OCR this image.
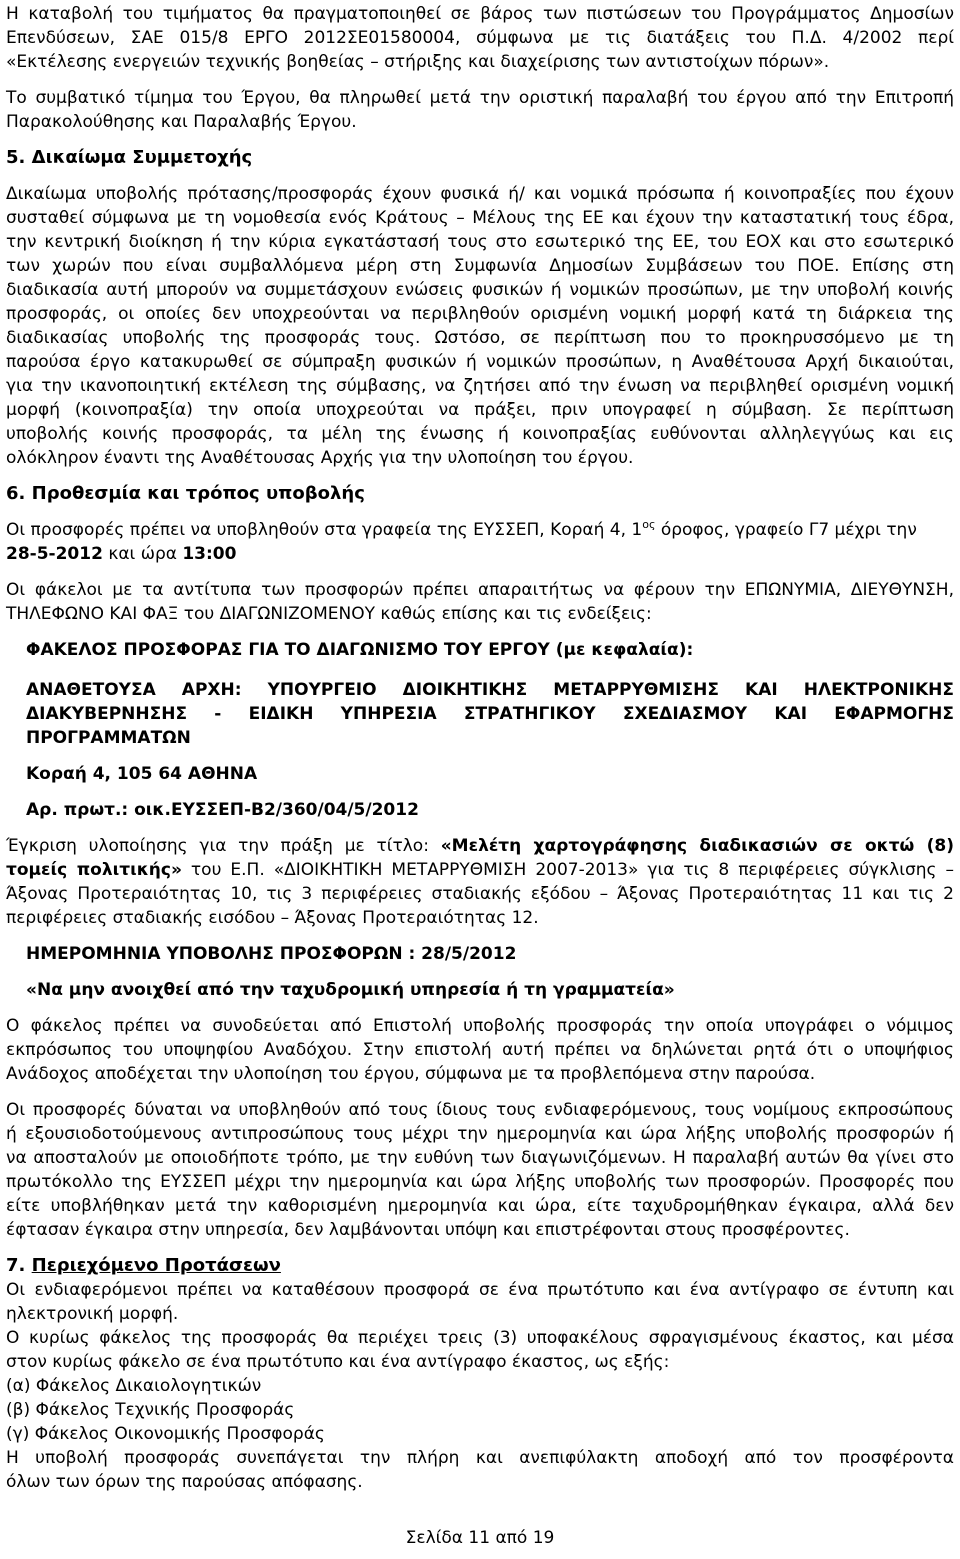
Η καταβολή του τιμήματος θα πραγματοποιηθεί σε βάρος των πιστώσεων του Προγράμματος Δημοσίων
Επενδύσεων, ΣΑΕ 015/8 ΕΡΓΟ 2012ΣΕ01580004, σύμφωνα με τις διατάξεις του Π.Δ. 4/2002 περί
«Εκτέλεσης ενεργειών τεχνικής βοηθείας – στήριξης και διαχείρισης των αντιστοίχων πόρων».
Το συμβατικό τίμημα του Έργου, θα πληρωθεί μετά την οριστική παραλαβή του έργου από την Επιτροπή
Παρακολούθησης και Παραλαβής Έργου.
5. Δικαίωμα Συμμετοχής
Δικαίωμα υποβολής πρότασης/προσφοράς έχουν φυσικά ή/ και νομικά πρόσωπα ή κοινοπραξίες που έχουν
συσταθεί σύμφωνα με τη νομοθεσία ενός Κράτους – Μέλους της ΕΕ και έχουν την καταστατική τους έδρα,
την κεντρική διοίκηση ή την κύρια εγκατάστασή τους στο εσωτερικό της ΕΕ, του ΕΟΧ και στο εσωτερικό
των χωρών που είναι συμβαλλόμενα μέρη στη Συμφωνία Δημοσίων Συμβάσεων του ΠΟΕ. Επίσης στη
διαδικασία αυτή μπορούν να συμμετάσχουν ενώσεις φυσικών ή νομικών προσώπων, με την υποβολή κοινής
προσφοράς, οι οποίες δεν υποχρεούνται να περιβληθούν ορισμένη νομική μορφή κατά τη διάρκεια της
διαδικασίας υποβολής της προσφοράς τους. Ωστόσο, σε περίπτωση που το προκηρυσσόμενο με τη
παρούσα έργο κατακυρωθεί σε σύμπραξη φυσικών ή νομικών προσώπων, η Αναθέτουσα Αρχή δικαιούται,
για την ικανοποιητική εκτέλεση της σύμβασης, να ζητήσει από την ένωση να περιβληθεί ορισμένη νομική
μορφή (κοινοπραξία) την οποία υποχρεούται να πράξει, πριν υπογραφεί η σύμβαση. Σε περίπτωση
υποβολής κοινής προσφοράς, τα μέλη της ένωσης ή κοινοπραξίας ευθύνονται αλληλεγγύως και εις
ολόκληρον έναντι της Αναθέτουσας Αρχής για την υλοποίηση του έργου.
6. Προθεσμία και τρόπος υποβολής
Οι προσφορές πρέπει να υποβληθούν στα γραφεία της ΕΥΣΣΕΠ, Κοραή 4, $1^{o\varsigma}$ όροφος, γραφείο Γ7 μέχρι την
28-5-2012 και ώρα 13:00
Οι φάκελοι με τα αντίτυπα των προσφορών πρέπει απαραιτήτως να φέρουν την ΕΠΩΝΥΜΙΑ, ΔΙΕΥΘΥΝΣΗ,
ΤΗΛΕΦΩΝΟ ΚΑΙ ΦΑΞ του ΔΙΑΓΩΝΙΖΟΜΕΝΟΥ καθώς επίσης και τις ενδείξεις:
ΦΑΚΕΛΟΣ ΠΡΟΣΦΟΡΑΣ ΓΙΑ ΤΟ ΔΙΑΓΩΝΙΣΜΟ ΤΟΥ ΕΡΓΟΥ (με κεφαλαία):
ΑΝΑΘΕΤΟΥΣΑ ΑΡΧΗ: ΥΠΟΥΡΓΕΙΟ ΔΙΟΙΚΗΤΙΚΗΣ ΜΕΤΑΡΡΥΘΜΙΣΗΣ ΚΑΙ ΗΛΕΚΤΡΟΝΙΚΗΣ
ΔΙΑΚΥΒΕΡΝΗΣΗΣ - ΕΙΔΙΚΗ ΥΠΗΡΕΣΙΑ ΣΤΡΑΤΗΓΙΚΟΥ ΣΧΕΔΙΑΣΜΟΥ ΚΑΙ ΕΦΑΡΜΟΓΗΣ
ΠΡΟΓΡΑΜΜΑΤΩΝ
Κοραή 4, 105 64 ΑΘΗΝΑ
Αρ. πρωτ.: οικ.ΕΥΣΣΕΠ-Β2/360/04/5/2012
Έγκριση υλοποίησης για την πράξη με τίτλο: «Μελέτη χαρτογράφησης διαδικασιών σε οκτώ (8)
τομείς πολιτικής» του Ε.Π. «ΔΙΟΙΚΗΤΙΚΗ ΜΕΤΑΡΡΥΘΜΙΣΗ 2007-2013» για τις 8 περιφέρειες σύγκλισης –
Άξονας Προτεραιότητας 10, τις 3 περιφέρειες σταδιακής εξόδου – Άξονας Προτεραιότητας 11 και τις 2
περιφέρειες σταδιακής εισόδου – Άξονας Προτεραιότητας 12.
ΗΜΕΡΟΜΗΝΙΑ ΥΠΟΒΟΛΗΣ ΠΡΟΣΦΟΡΩΝ : 28/5/2012
«Να μην ανοιχθεί από την ταχυδρομική υπηρεσία ή τη γραμματεία»
Ο φάκελος πρέπει να συνοδεύεται από Επιστολή υποβολής προσφοράς την οποία υπογράφει ο νόμιμος
εκπρόσωπος του υποψηφίου Αναδόχου. Στην επιστολή αυτή πρέπει να δηλώνεται ρητά ότι ο υποψήφιος
Ανάδοχος αποδέχεται την υλοποίηση του έργου, σύμφωνα με τα προβλεπόμενα στην παρούσα.
Οι προσφορές δύναται να υποβληθούν από τους ίδιους τους ενδιαφερόμενους, τους νομίμους εκπροσώπους
ή εξουσιοδοτούμενους αντιπροσώπους τους μέχρι την ημερομηνία και ώρα λήξης υποβολής προσφορών ή
να αποσταλούν με οποιοδήποτε τρόπο, με την ευθύνη των διαγωνιζόμενων. Η παραλαβή αυτών θα γίνει στο
πρωτόκολλο της ΕΥΣΣΕΠ μέχρι την ημερομηνία και ώρα λήξης υποβολής των προσφορών. Προσφορές που
είτε υποβλήθηκαν μετά την καθορισμένη ημερομηνία και ώρα, είτε ταχυδρομήθηκαν έγκαιρα, αλλά δεν
έφτασαν έγκαιρα στην υπηρεσία, δεν λαμβάνονται υπόψη και επιστρέφονται στους προσφέροντες.
7. Περιεχόμενο Προτάσεων
Οι ενδιαφερόμενοι πρέπει να καταθέσουν προσφορά σε ένα πρωτότυπο και ένα αντίγραφο σε έντυπη και
ηλεκτρονική μορφή.
Ο κυρίως φάκελος της προσφοράς θα περιέχει τρεις (3) υποφακέλους σφραγισμένους έκαστος, και μέσα
στον κυρίως φάκελο σε ένα πρωτότυπο και ένα αντίγραφο έκαστος, ως εξής:
(α) Φάκελος Δικαιολογητικών
(β) Φάκελος Τεχνικής Προσφοράς
(γ) Φάκελος Οικονομικής Προσφοράς
Η υποβολή προσφοράς συνεπάγεται την πλήρη και ανεπιφύλακτη αποδοχή από τον προσφέροντα
όλων των όρων της παρούσας απόφασης.
Σελίδα 11 από 19
